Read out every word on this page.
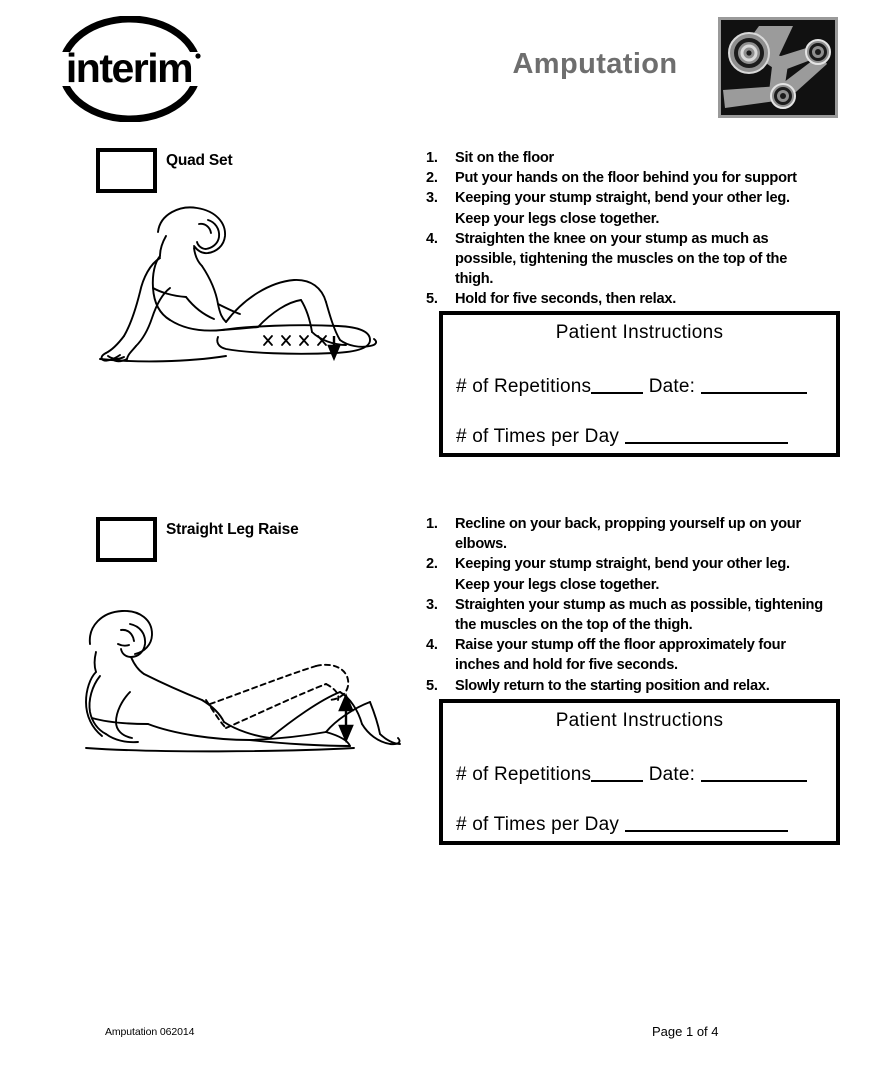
interim	Amputation
Quad Set	1. Sit on the floor
2. Put your hands on the floor behind you for support
3. Keeping your stump straight, bend your other leg. Keep your legs close together.
4. Straighten the knee on your stump as much as possible, tightening the muscles on the top of the thigh.
5. Hold for five seconds, then relax.
Patient Instructions
# of Repetitions	Date:
# of Times per Day
Straight Leg Raise	1. Recline on your back, propping yourself up on your elbows.
2. Keeping your stump straight, bend your other leg. Keep your legs close together.
3. Straighten your stump as much as possible, tightening the muscles on the top of the thigh.
4. Raise your stump off the floor approximately four inches and hold for five seconds.
5. Slowly return to the starting position and relax.
Patient Instructions
# of Repetitions	Date:
# of Times per Day
Amputation 062014	Page 1 of 4
